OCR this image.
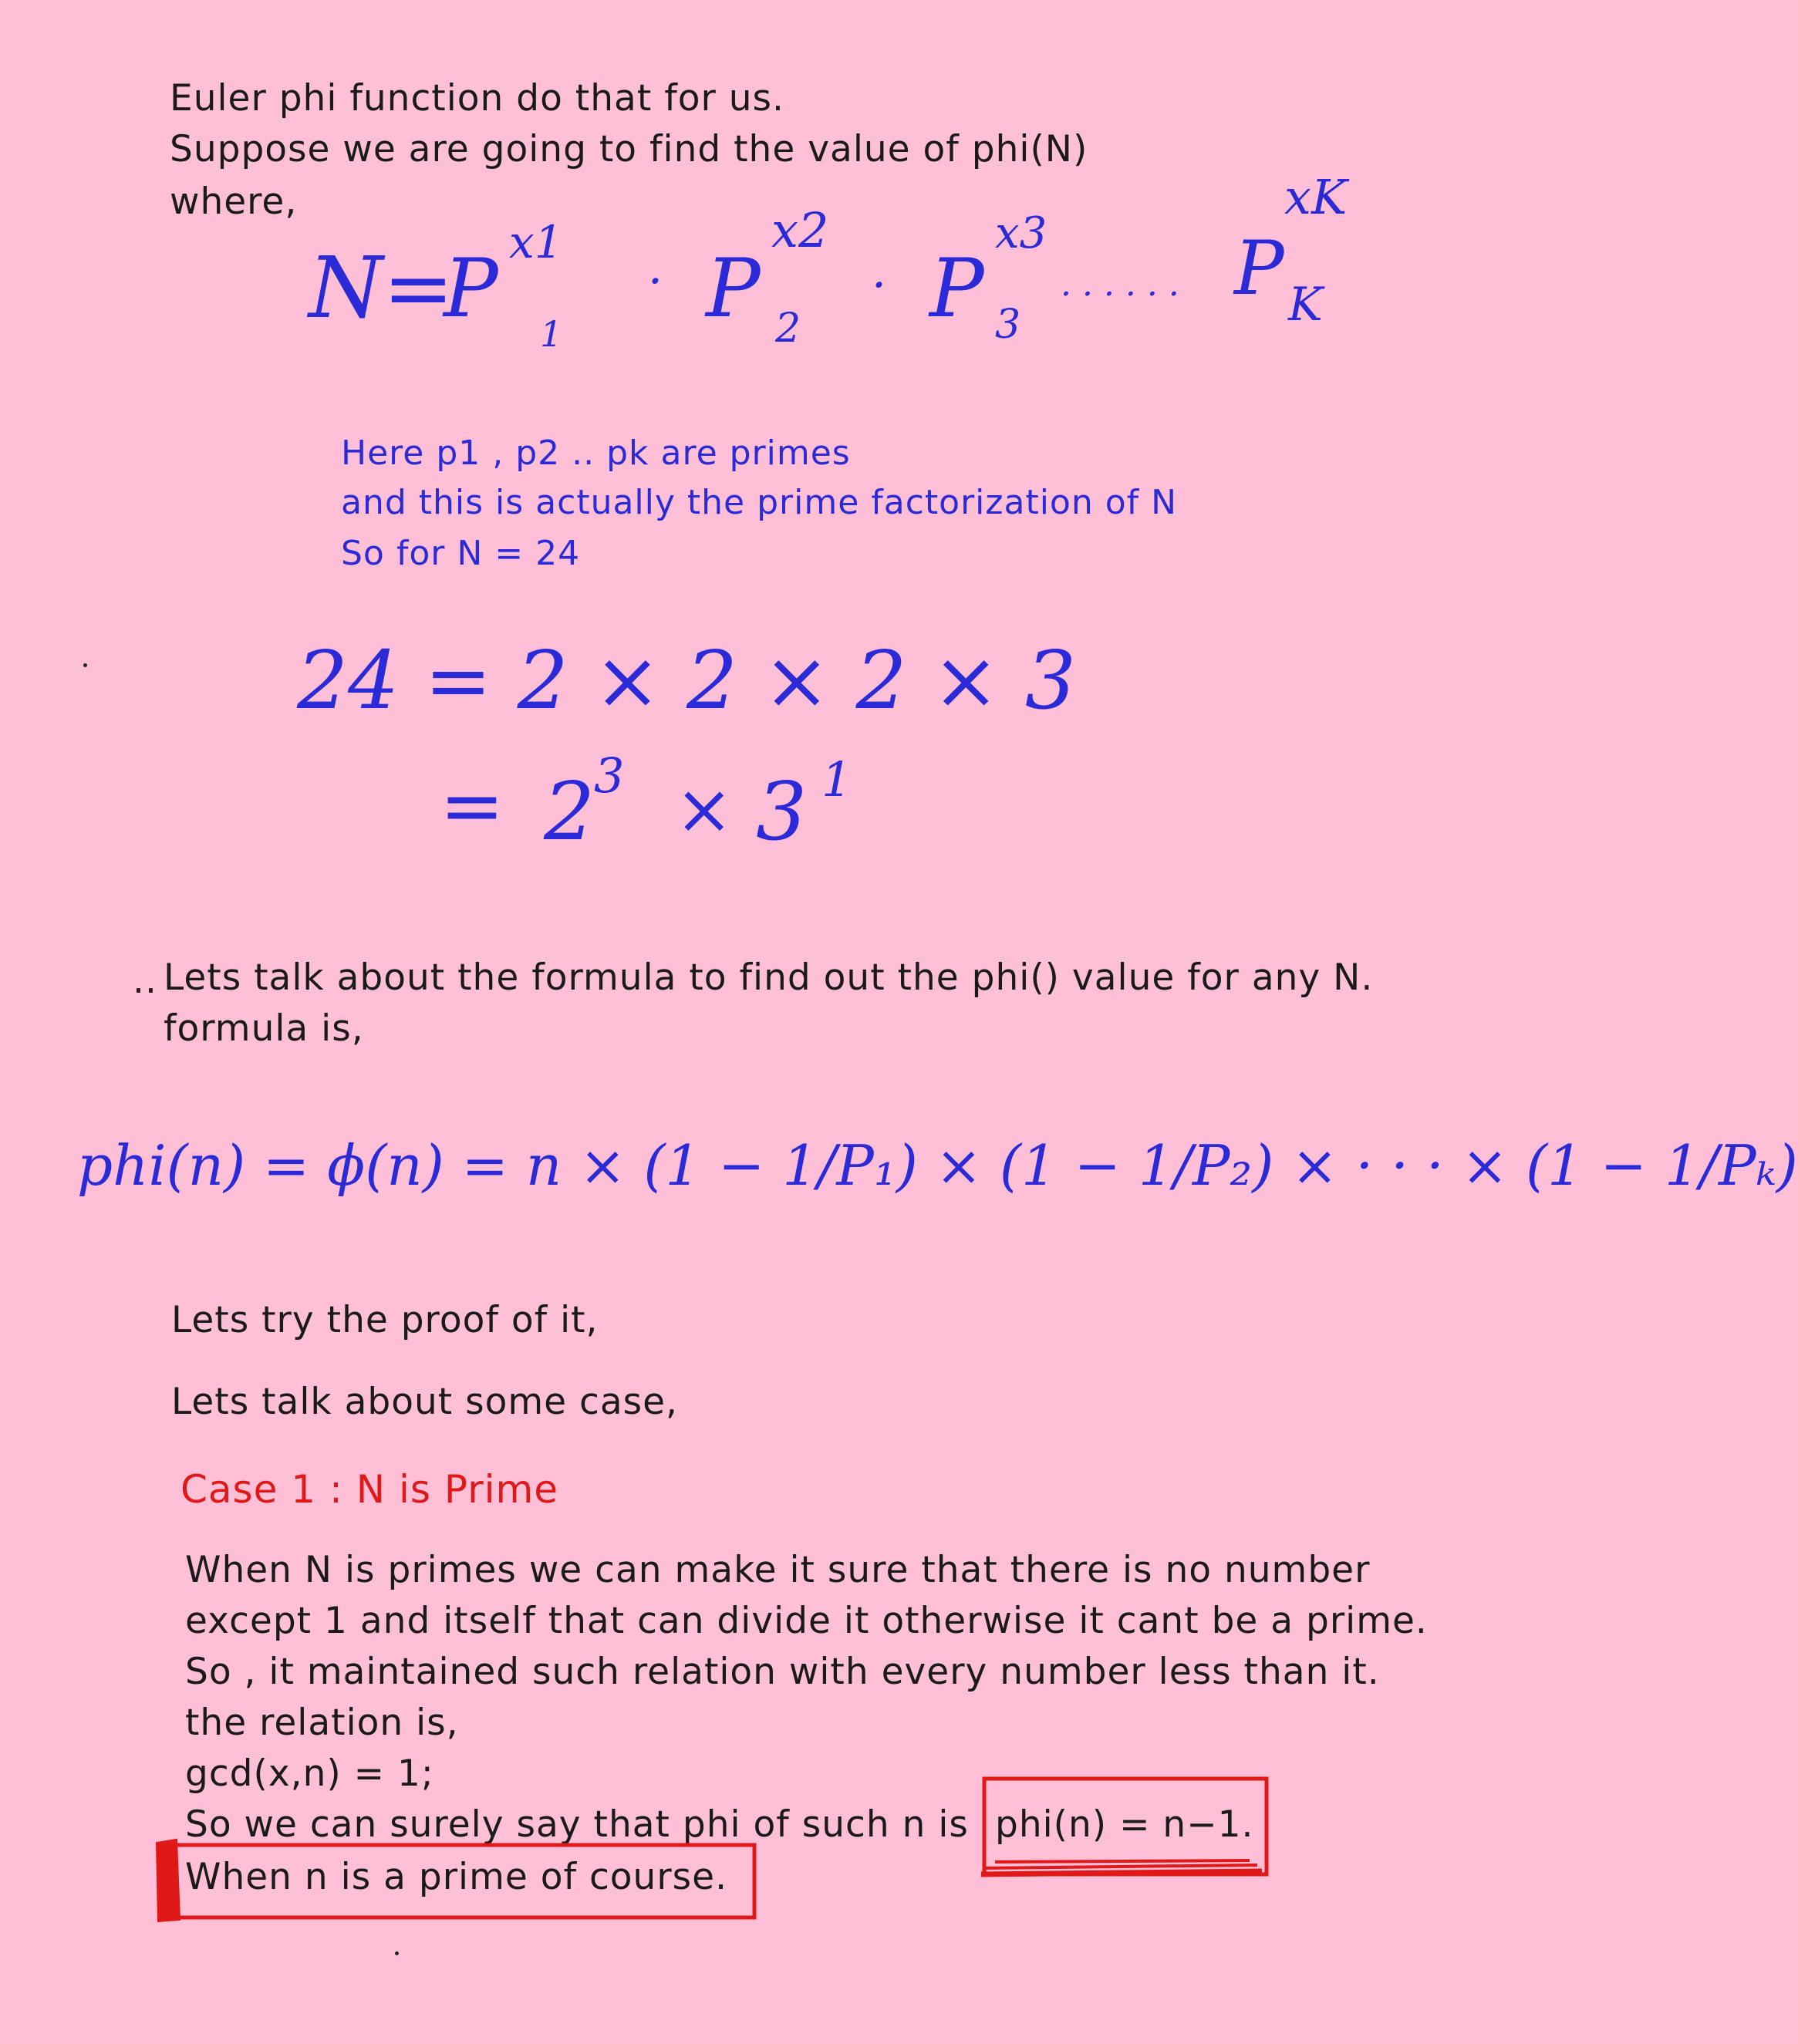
Euler phi function do that for us.
Suppose we are going to find the value of phi(N)
where,
N=
P 1
x1
· P 2
x2
· P 3
x3
· · · · · · P K
xK
Here p1 , p2 .. pk are primes
and this is actually the prime factorization of N
So for N = 24
24 = 2 × 2 × 2 × 3
= 2
3 × 3 1
.. Lets talk about the formula to find out the phi() value for any N.
formula is,
phi(n) = ϕ(n) = n × (1 − 1/P₁) × (1 − 1/P₂) × · · · × (1 − 1/Pₖ)
Lets try the proof of it,
Lets talk about some case,
Case 1 : N is Prime
When N is primes we can make it sure that there is no number
except 1 and itself that can divide it otherwise it cant be a prime.
So , it maintained such relation with every number less than it.
the relation is,
gcd(x,n) = 1;
So we can surely say that phi of such n is phi(n) = n−1.
When n is a prime of course.
